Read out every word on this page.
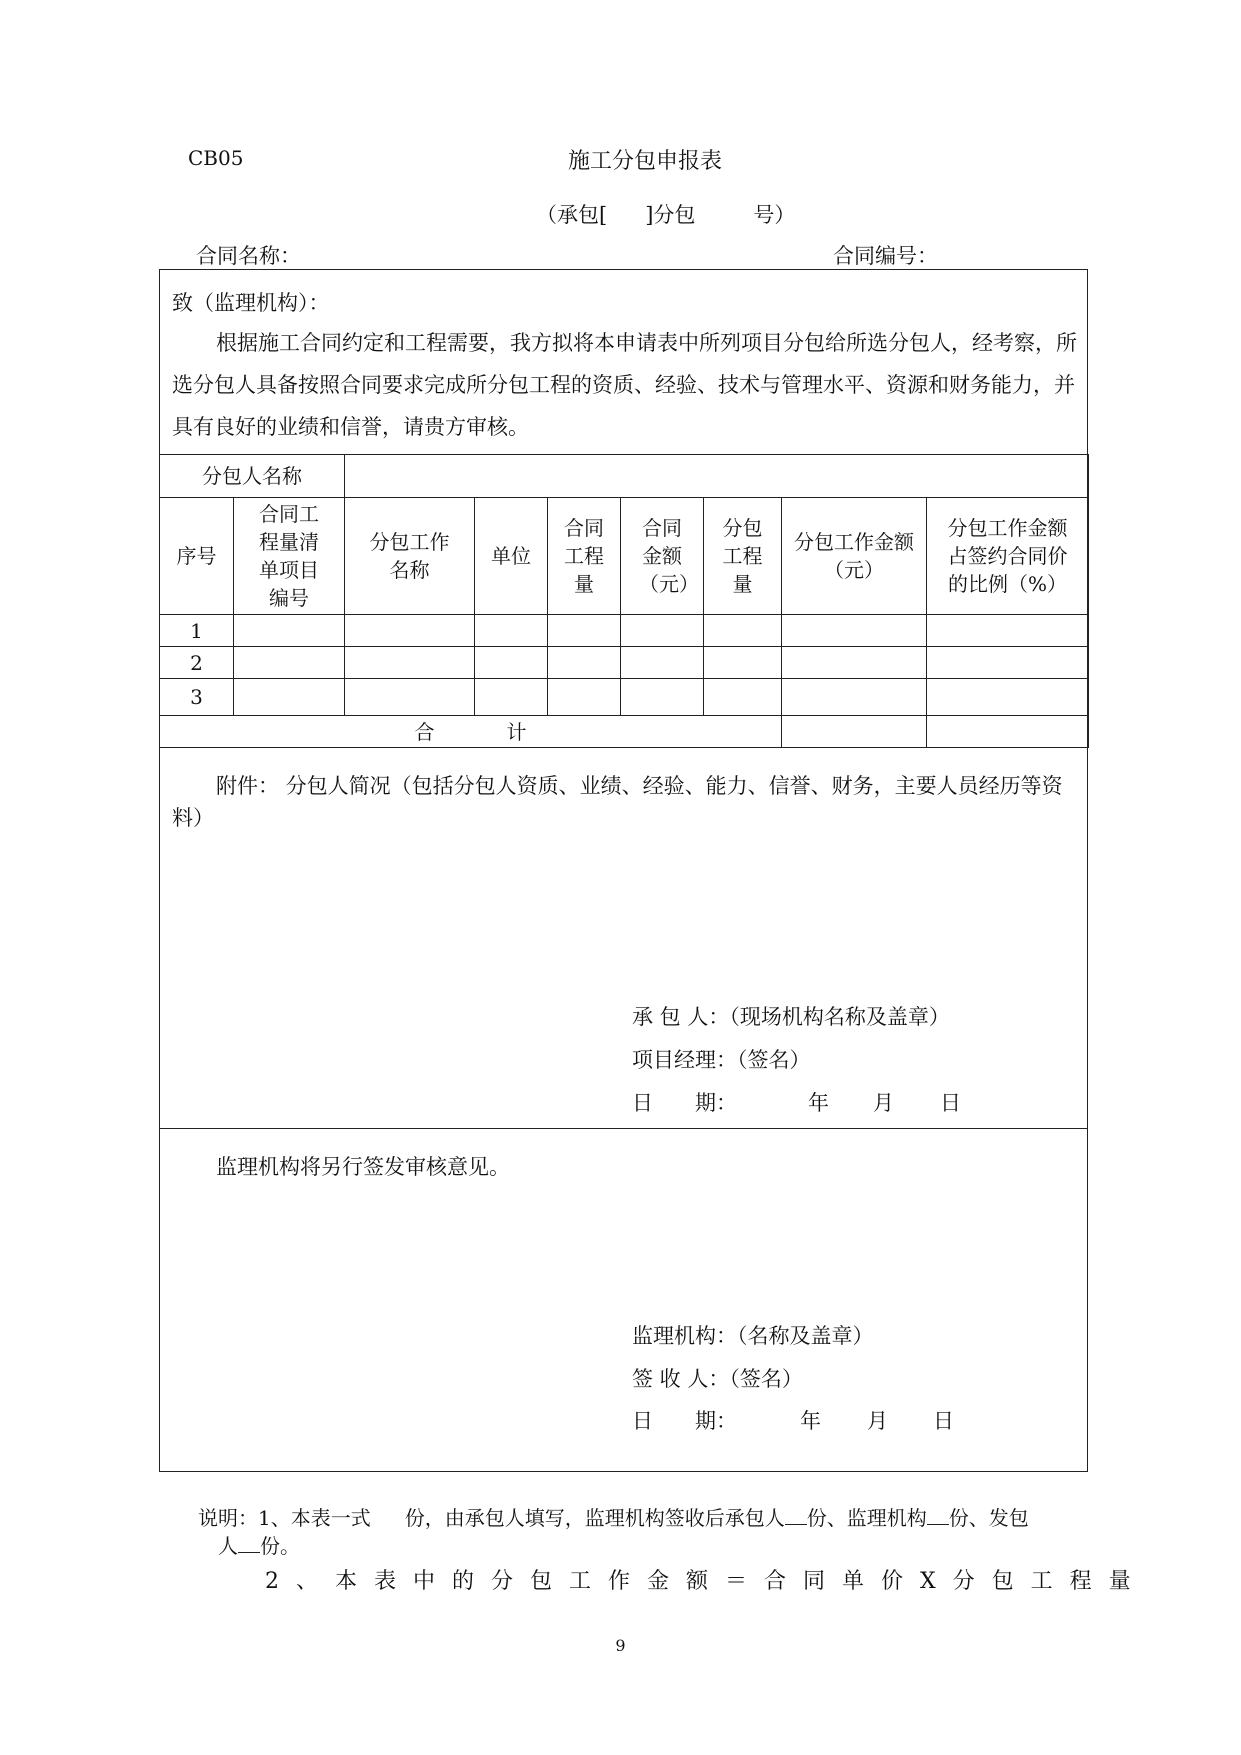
CB05	施工分包申报表
（承包[ ]分包	号）
合同名称：	合同编号：
致（监理机构）：
根据施工合同约定和工程需要，我方拟将本申请表中所列项目分包给所选分包人，经考察，所选分包人具备按照合同要求完成所分包工程的资质、经验、技术与管理水平、资源和财务能力，并具有良好的业绩和信誉，请贵方审核。
分包人名称								
序号	合同工程量清单项目编号	分包工作名称	单位	合同工程量	合同金额（元）	分包工程量	分包工作金额（元）	分包工作金额占签约合同价的比例（%）
1								
2								
3								
合 计								
附件： 分包人简况（包括分包人资质、业绩、经验、能力、信誉、财务，主要人员经历等资料）
承 包 人：（现场机构名称及盖章）
项目经理：（签名）
日　　期：	年 月 日
监理机构将另行签发审核意见。
监理机构：（名称及盖章）
签 收 人：（签名）
日　　期：	年 月 日
说明：1、本表一式 份，由承包人填写，监理机构签收后承包人 份、监理机构 份、发包
人 份。
2、本表中的分包工作金额＝合同单价X分包工程量
9
